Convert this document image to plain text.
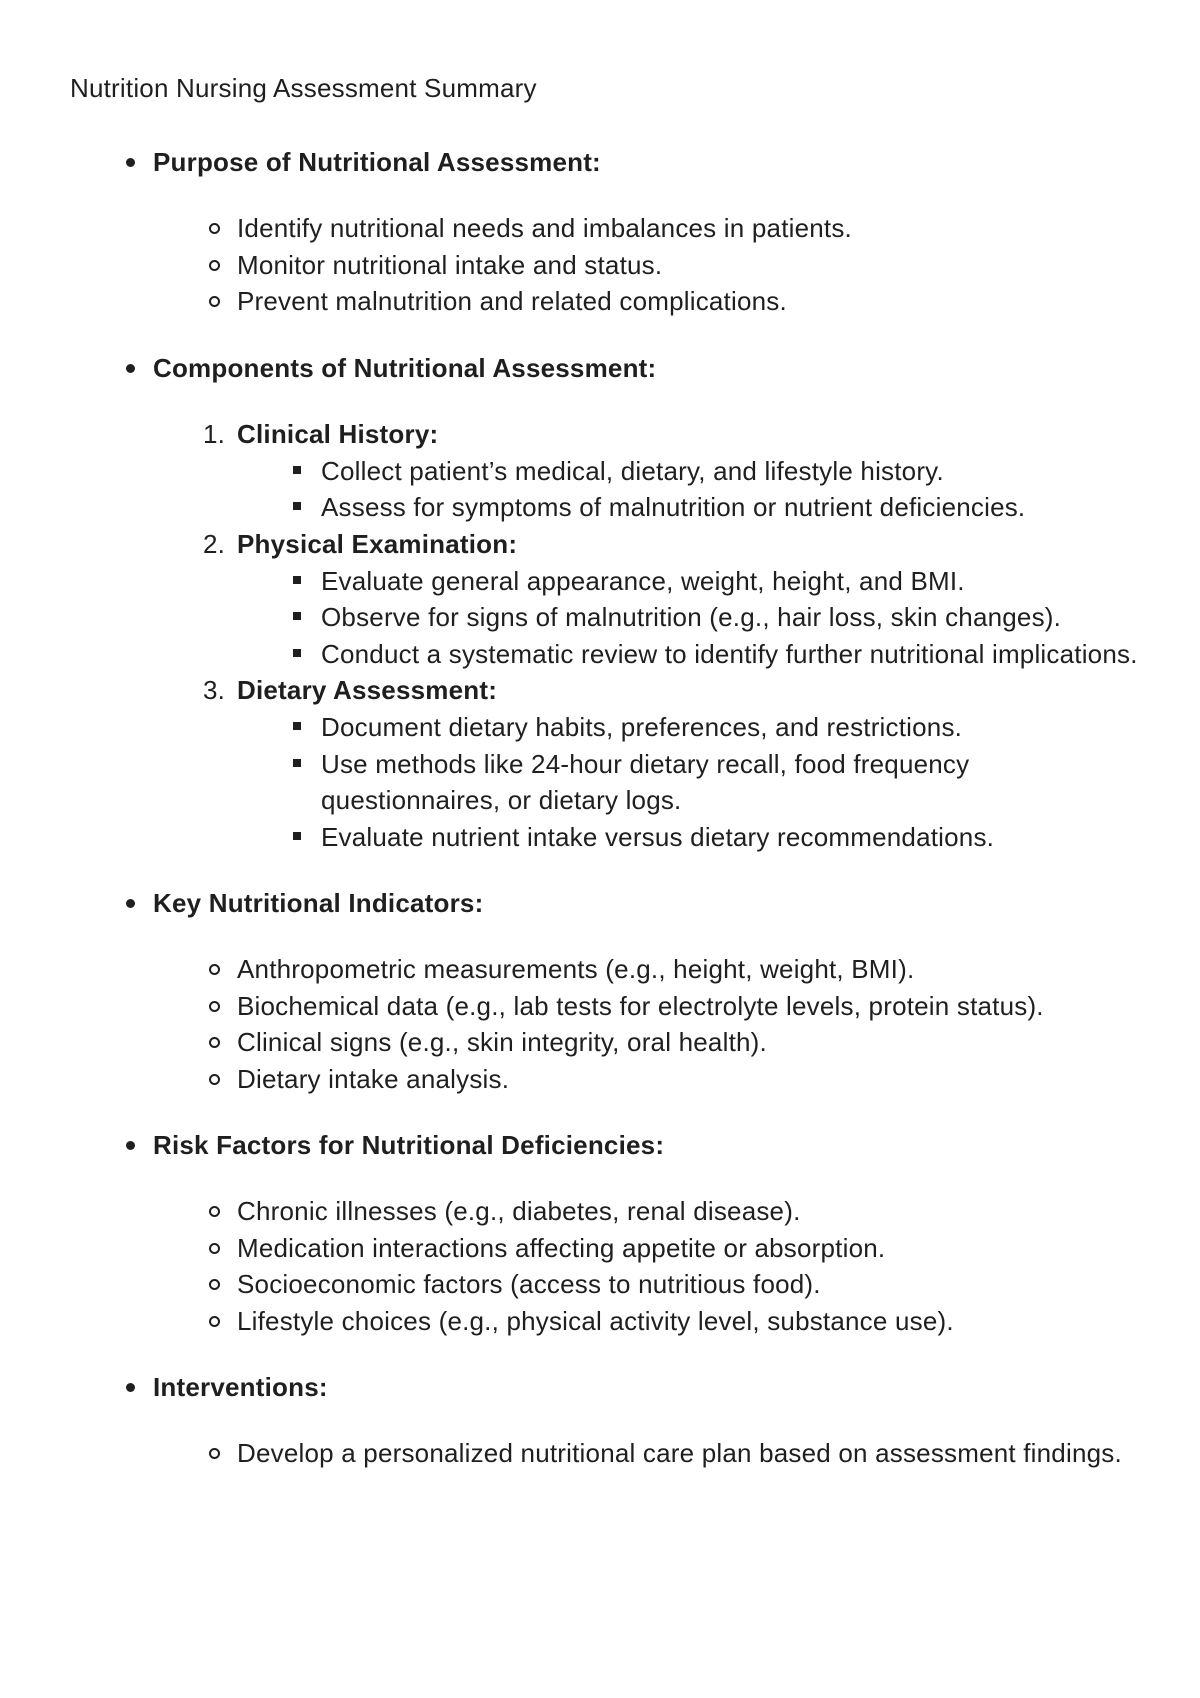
Nutrition Nursing Assessment Summary
Purpose of Nutritional Assessment:
Identify nutritional needs and imbalances in patients.
Monitor nutritional intake and status.
Prevent malnutrition and related complications.
Components of Nutritional Assessment:
1. Clinical History:
Collect patient’s medical, dietary, and lifestyle history.
Assess for symptoms of malnutrition or nutrient deficiencies.
2. Physical Examination:
Evaluate general appearance, weight, height, and BMI.
Observe for signs of malnutrition (e.g., hair loss, skin changes).
Conduct a systematic review to identify further nutritional implications.
3. Dietary Assessment:
Document dietary habits, preferences, and restrictions.
Use methods like 24-hour dietary recall, food frequency questionnaires, or dietary logs.
Evaluate nutrient intake versus dietary recommendations.
Key Nutritional Indicators:
Anthropometric measurements (e.g., height, weight, BMI).
Biochemical data (e.g., lab tests for electrolyte levels, protein status).
Clinical signs (e.g., skin integrity, oral health).
Dietary intake analysis.
Risk Factors for Nutritional Deficiencies:
Chronic illnesses (e.g., diabetes, renal disease).
Medication interactions affecting appetite or absorption.
Socioeconomic factors (access to nutritious food).
Lifestyle choices (e.g., physical activity level, substance use).
Interventions:
Develop a personalized nutritional care plan based on assessment findings.
